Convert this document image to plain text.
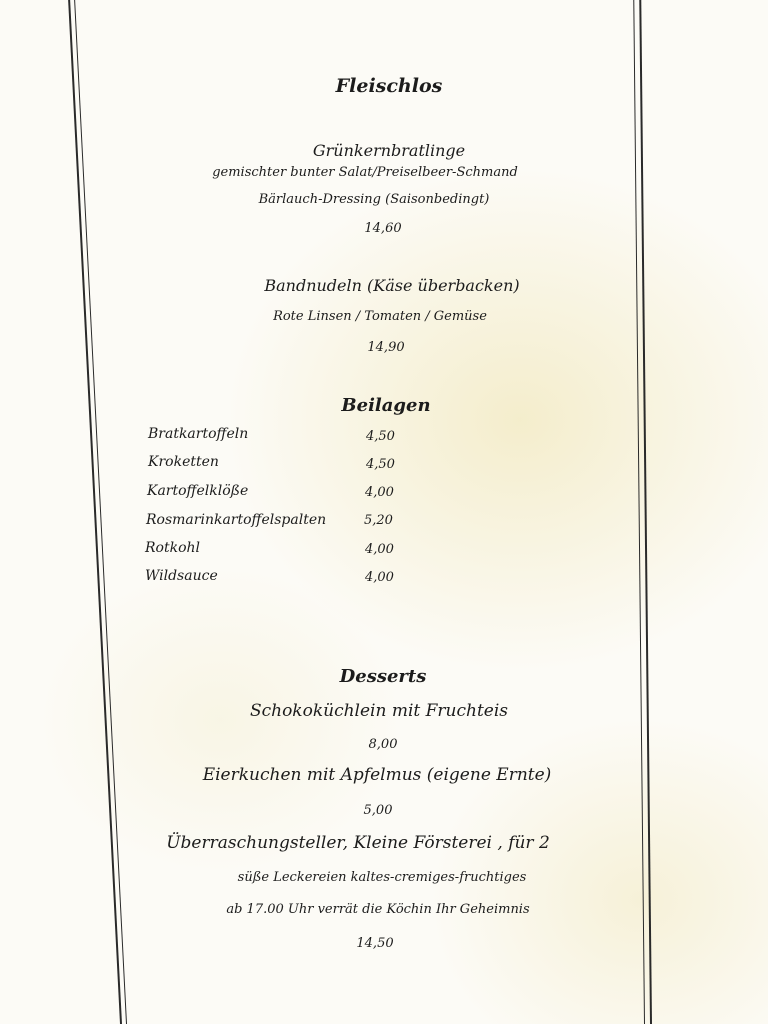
Fleischlos
Grünkernbratlinge
gemischter bunter Salat/Preiselbeer-Schmand
Bärlauch-Dressing (Saisonbedingt)
14,60
Bandnudeln (Käse überbacken)
Rote Linsen / Tomaten / Gemüse
14,90
Beilagen
Bratkartoffeln	4,50
Kroketten	4,50
Kartoffelklöße	4,00
Rosmarinkartoffelspalten	5,20
Rotkohl	4,00
Wildsauce	4,00
Desserts
Schokoküchlein mit Fruchteis
8,00
Eierkuchen mit Apfelmus (eigene Ernte)
5,00
Überraschungsteller, Kleine Försterei , für 2
süße Leckereien kaltes-cremiges-fruchtiges
ab 17.00 Uhr verrät die Köchin Ihr Geheimnis
14,50
